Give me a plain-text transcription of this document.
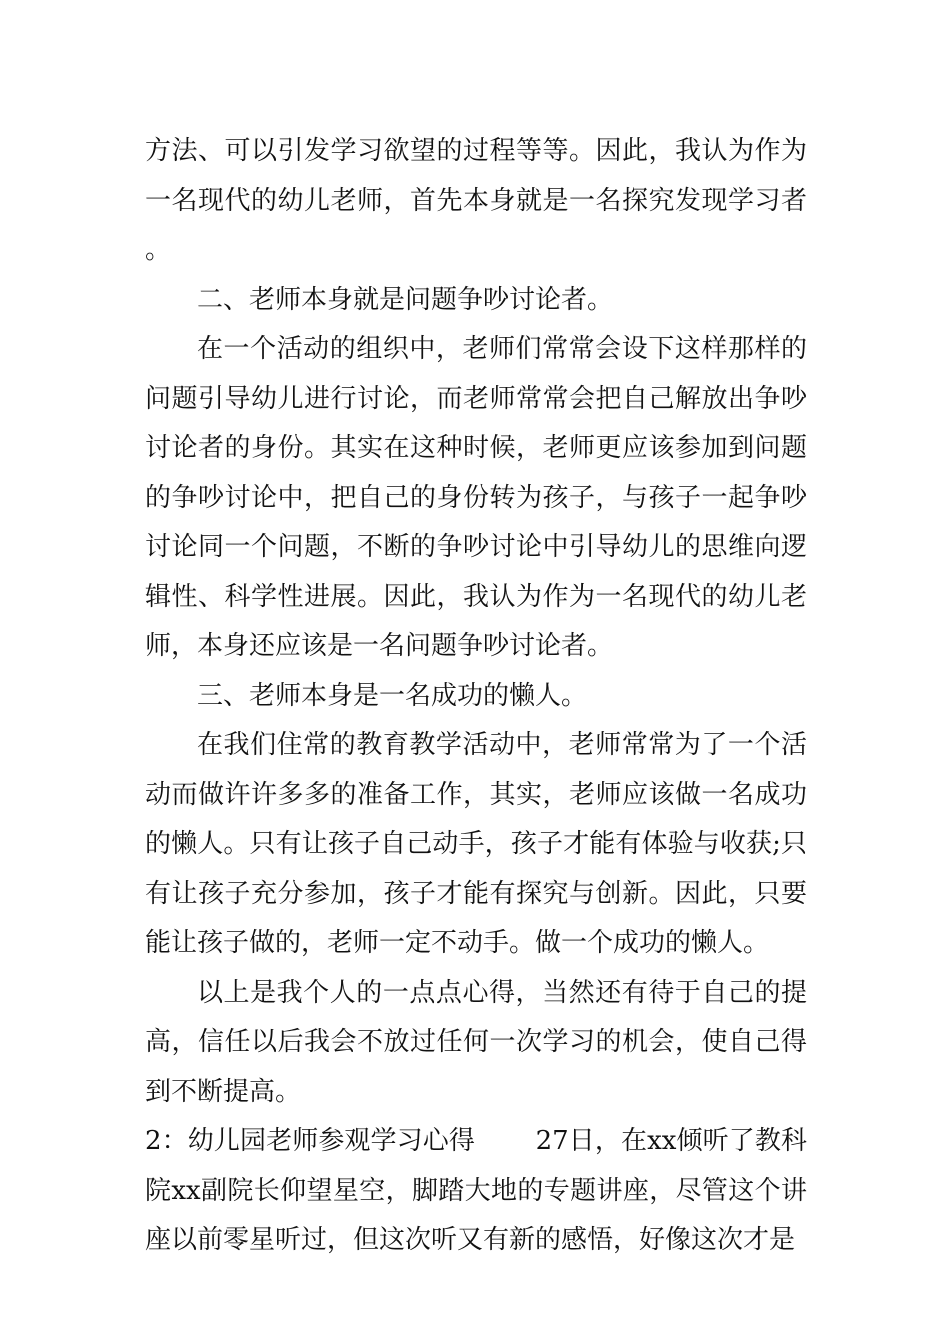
方法、可以引发学习欲望的过程等等。因此，我认为作为一名现代的幼儿老师，首先本身就是一名探究发现学习者。

二、老师本身就是问题争吵讨论者。

在一个活动的组织中，老师们常常会设下这样那样的问题引导幼儿进行讨论，而老师常常会把自己解放出争吵讨论者的身份。其实在这种时候，老师更应该参加到问题的争吵讨论中，把自己的身份转为孩子，与孩子一起争吵讨论同一个问题，不断的争吵讨论中引导幼儿的思维向逻辑性、科学性进展。因此，我认为作为一名现代的幼儿老师，本身还应该是一名问题争吵讨论者。

三、老师本身是一名成功的懒人。

在我们住常的教育教学活动中，老师常常为了一个活动而做许许多多的准备工作，其实，老师应该做一名成功的懒人。只有让孩子自己动手，孩子才能有体验与收获;只有让孩子充分参加，孩子才能有探究与创新。因此，只要能让孩子做的，老师一定不动手。做一个成功的懒人。

以上是我个人的一点点心得，当然还有待于自己的提高，信任以后我会不放过任何一次学习的机会，使自己得到不断提高。

2：幼儿园老师参观学习心得　　 27日，在xx倾听了教科院xx副院长仰望星空，脚踏大地的专题讲座，尽管这个讲座以前零星听过，但这次听又有新的感悟，好像这次才是
